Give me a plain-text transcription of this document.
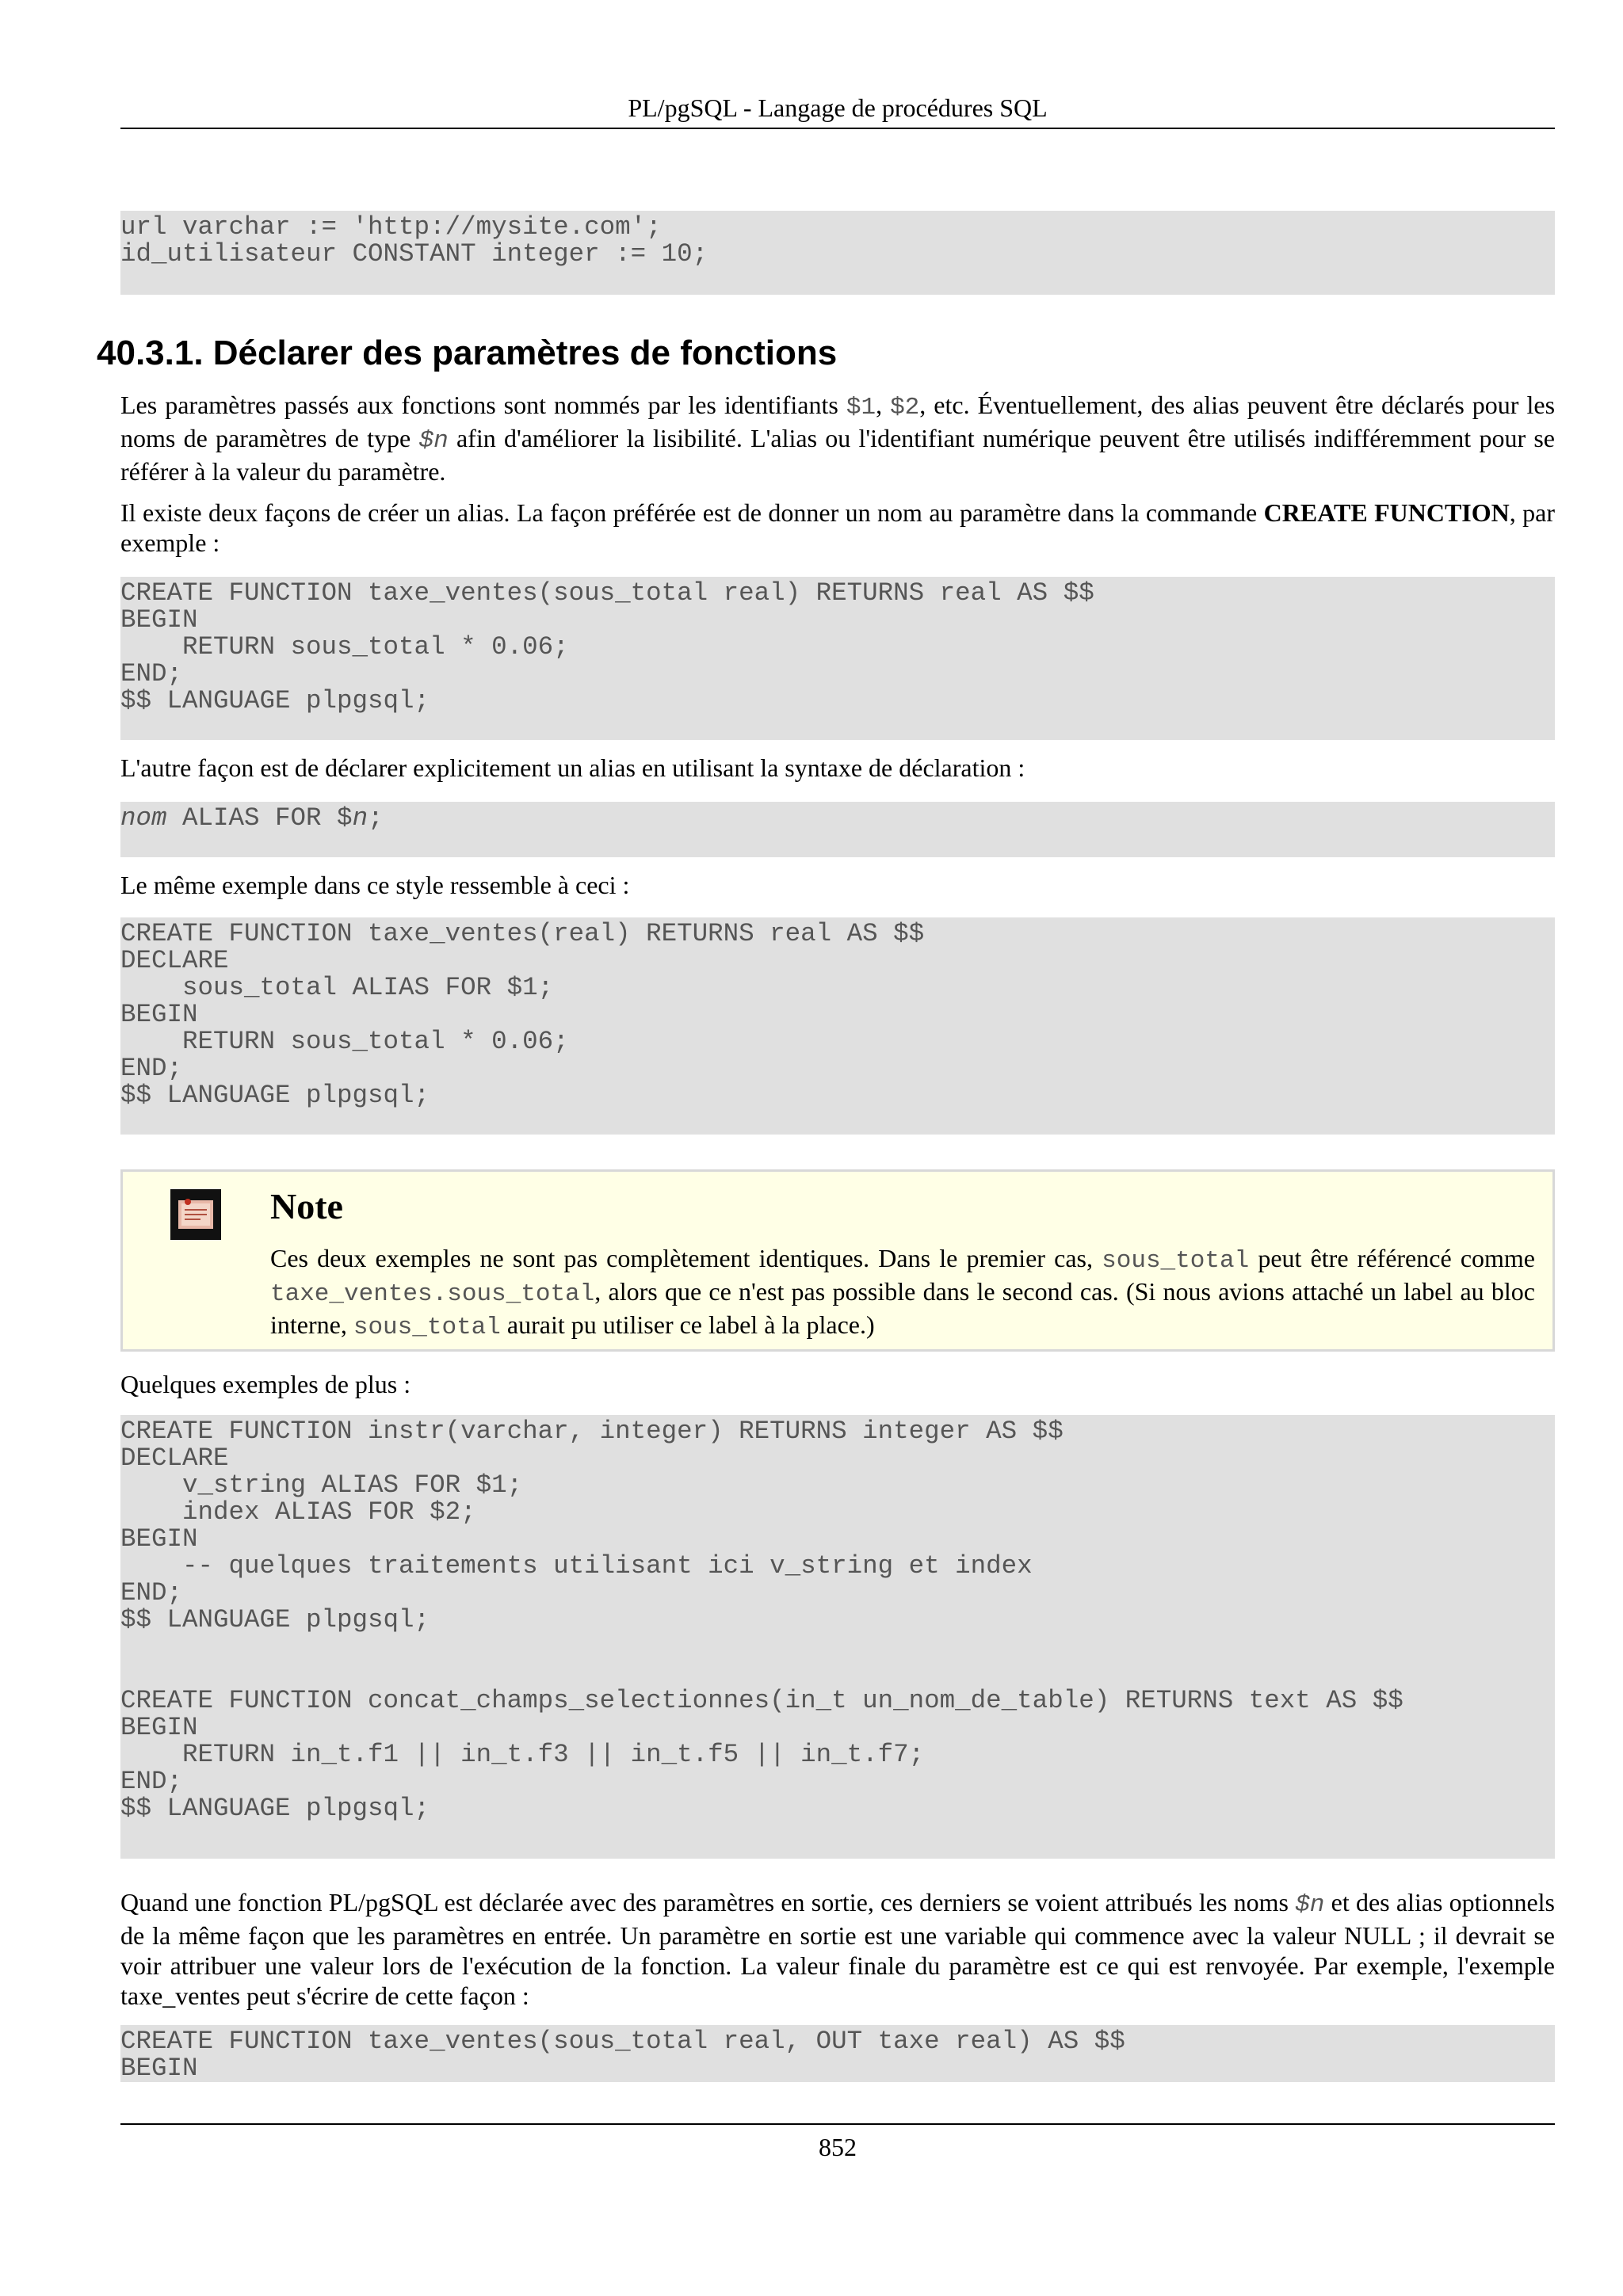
PL/pgSQL - Langage de procédures SQL
url varchar := 'http://mysite.com';
id_utilisateur CONSTANT integer := 10;
40.3.1. Déclarer des paramètres de fonctions

Les paramètres passés aux fonctions sont nommés par les identifiants $1, $2, etc. Éventuellement, des alias peuvent être déclarés pour les noms de paramètres de type $n afin d'améliorer la lisibilité. L'alias ou l'identifiant numérique peuvent être utilisés indifféremment pour se référer à la valeur du paramètre.

Il existe deux façons de créer un alias. La façon préférée est de donner un nom au paramètre dans la commande CREATE FUNCTION, par exemple :

CREATE FUNCTION taxe_ventes(sous_total real) RETURNS real AS $$
BEGIN
RETURN sous_total * 0.06;
END;
$$ LANGUAGE plpgsql;

L'autre façon est de déclarer explicitement un alias en utilisant la syntaxe de déclaration :

nom ALIAS FOR $n;

Le même exemple dans ce style ressemble à ceci :

CREATE FUNCTION taxe_ventes(real) RETURNS real AS $$
DECLARE
sous_total ALIAS FOR $1;
BEGIN
RETURN sous_total * 0.06;
END;
$$ LANGUAGE plpgsql;
Note

Ces deux exemples ne sont pas complètement identiques. Dans le premier cas, sous_total peut être référencé comme taxe_ventes.sous_total, alors que ce n'est pas possible dans le second cas. (Si nous avions attaché un label au bloc interne, sous_total aurait pu utiliser ce label à la place.)

Quelques exemples de plus :

CREATE FUNCTION instr(varchar, integer) RETURNS integer AS $$
DECLARE
v_string ALIAS FOR $1;
index ALIAS FOR $2;
BEGIN
-- quelques traitements utilisant ici v_string et index
END;
$$ LANGUAGE plpgsql;

CREATE FUNCTION concat_champs_selectionnes(in_t un_nom_de_table) RETURNS text AS $$
BEGIN
RETURN in_t.f1 || in_t.f3 || in_t.f5 || in_t.f7;
END;
$$ LANGUAGE plpgsql;

Quand une fonction PL/pgSQL est déclarée avec des paramètres en sortie, ces derniers se voient attribués les noms $n et des alias optionnels de la même façon que les paramètres en entrée. Un paramètre en sortie est une variable qui commence avec la valeur NULL ; il devrait se voir attribuer une valeur lors de l'exécution de la fonction. La valeur finale du paramètre est ce qui est renvoyée. Par exemple, l'exemple taxe_ventes peut s'écrire de cette façon :

CREATE FUNCTION taxe_ventes(sous_total real, OUT taxe real) AS $$
BEGIN
852
